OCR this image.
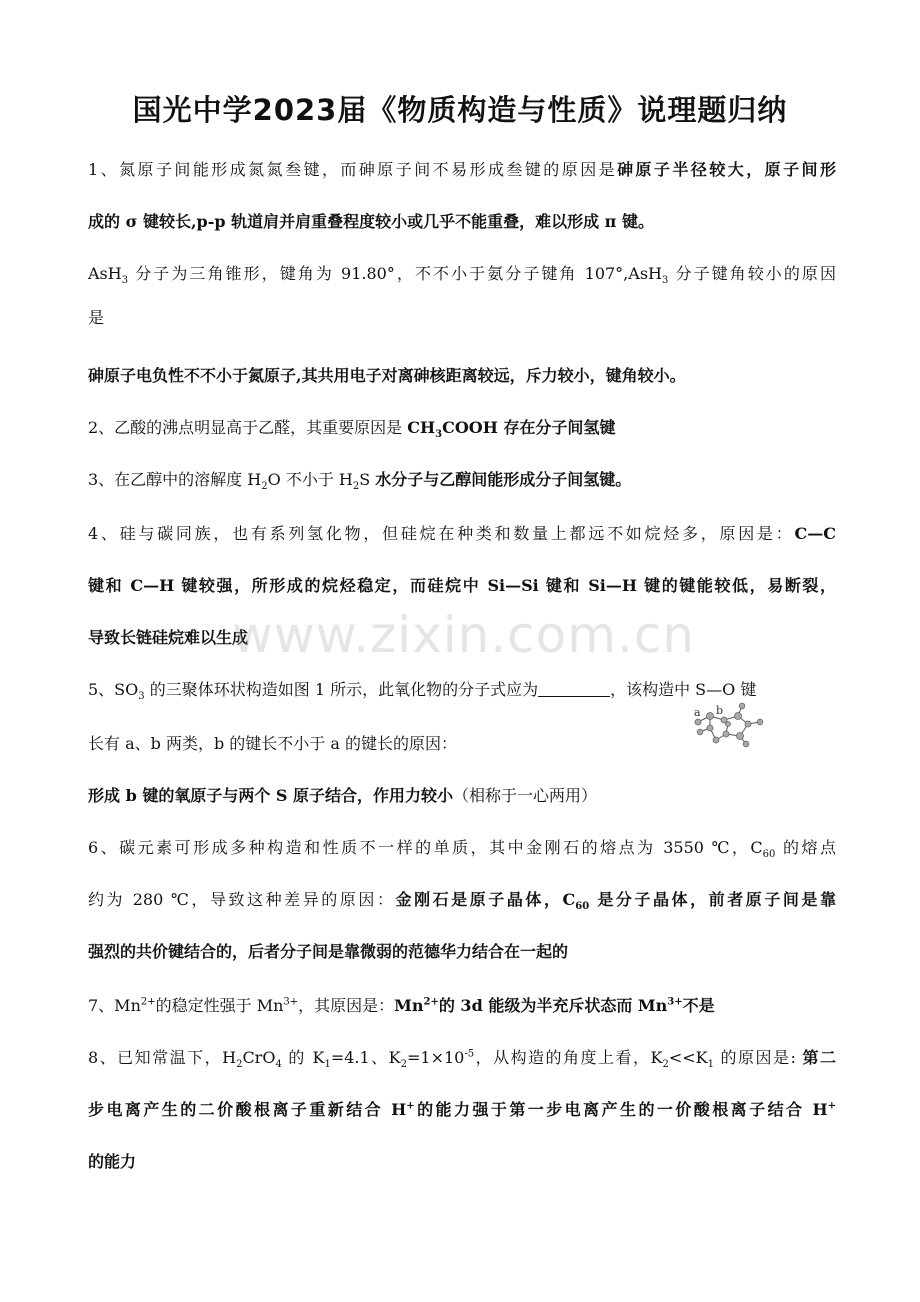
国光中学2023届《物质构造与性质》说理题归纳
1、氮原子间能形成氮氮叁键，而砷原子间不易形成叁键的原因是砷原子半径较大，原子间形
成的 σ 键较长,p-p 轨道肩并肩重叠程度较小或几乎不能重叠，难以形成 π 键。
AsH$_3$ 分子为三角锥形，键角为 91.80°，不不小于氨分子键角 107°,AsH$_3$ 分子键角较小的原因
是
砷原子电负性不不小于氮原子,其共用电子对离砷核距离较远，斥力较小，键角较小。
2、乙酸的沸点明显高于乙醛，其重要原因是 $CH_3COOH$ 存在分子间氢键
3、在乙醇中的溶解度 $H_2O$ 不小于 $H_2S$ 水分子与乙醇间能形成分子间氢键。
4、硅与碳同族，也有系列氢化物，但硅烷在种类和数量上都远不如烷烃多，原因是：C—C
键和 C—H 键较强，所形成的烷烃稳定，而硅烷中 Si—Si 键和 Si—H 键的键能较低，易断裂，
导致长链硅烷难以生成
www.zixin.com.cn
5、$SO_3$ 的三聚体环状构造如图 1 所示，此氧化物的分子式应为	，该构造中 S—O 键
长有 a、b 两类，b 的键长不小于 a 的键长的原因：
形成 b 键的氧原子与两个 S 原子结合，作用力较小（相称于一心两用）
a b
6、碳元素可形成多种构造和性质不一样的单质，其中金刚石的熔点为 3550 ℃，$C_{60}$ 的熔点
约为 280 ℃，导致这种差异的原因：金刚石是原子晶体，$C_{60}$ 是分子晶体，前者原子间是靠
强烈的共价键结合的，后者分子间是靠微弱的范德华力结合在一起的
7、$Mn^{2+}$的稳定性强于 $Mn^{3+}$，其原因是：$Mn^{2+}$的 3d 能级为半充斥状态而 $Mn^{3+}$不是
8、已知常温下，$H_2CrO_4$ 的 $K_1=4.1$、$K_2=1\times 10^{-5}$，从构造的角度上看，$K_2<<K_1$ 的原因是: 第二
步电离产生的二价酸根离子重新结合 H+的能力强于第一步电离产生的一价酸根离子结合 H+
的能力
